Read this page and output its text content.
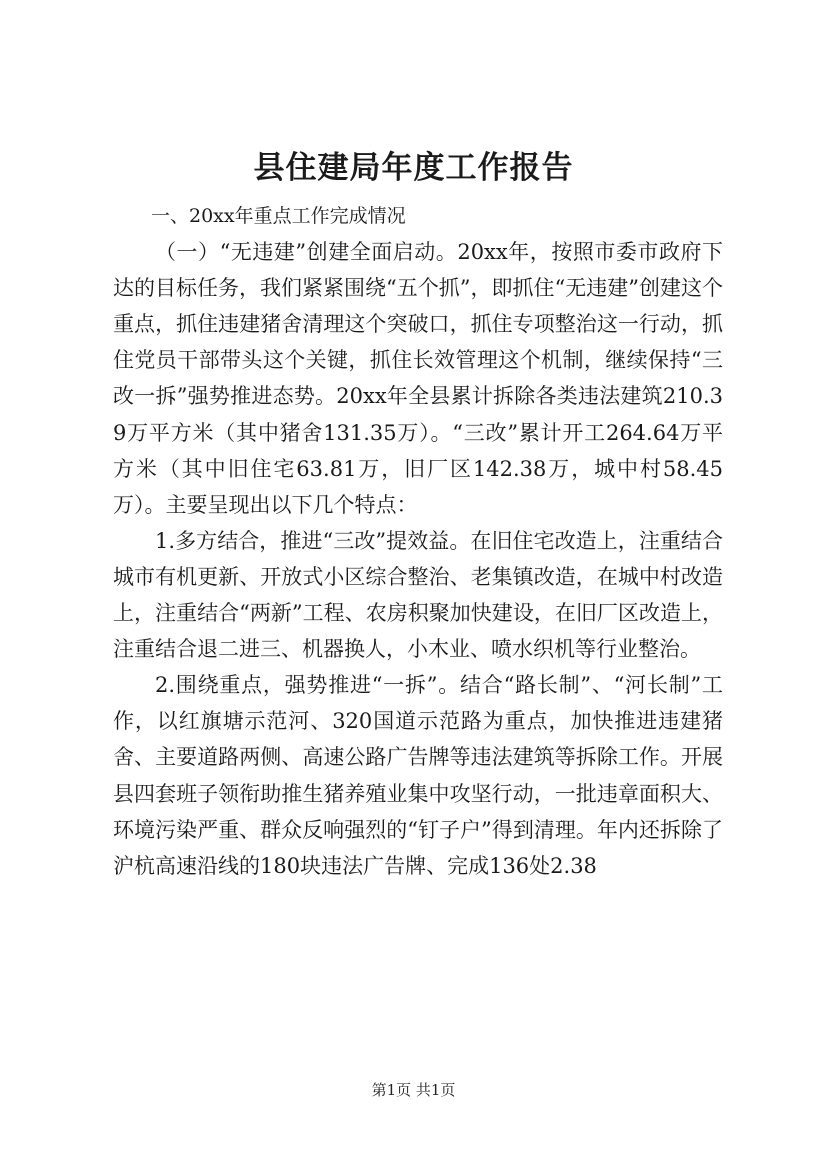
县住建局年度工作报告

一、20xx年重点工作完成情况

（一）“无违建”创建全面启动。20xx年，按照市委市政府下达的目标任务，我们紧紧围绕“五个抓”，即抓住“无违建”创建这个重点，抓住违建猪舍清理这个突破口，抓住专项整治这一行动，抓住党员干部带头这个关键，抓住长效管理这个机制，继续保持“三改一拆”强势推进态势。20xx年全县累计拆除各类违法建筑210.39万平方米（其中猪舍131.35万）。“三改”累计开工264.64万平方米（其中旧住宅63.81万，旧厂区142.38万，城中村58.45万）。主要呈现出以下几个特点：

1.多方结合，推进“三改”提效益。在旧住宅改造上，注重结合城市有机更新、开放式小区综合整治、老集镇改造，在城中村改造上，注重结合“两新”工程、农房积聚加快建设，在旧厂区改造上，注重结合退二进三、机器换人，小木业、喷水织机等行业整治。

2.围绕重点，强势推进“一拆”。结合“路长制”、“河长制”工作，以红旗塘示范河、320国道示范路为重点，加快推进违建猪舍、主要道路两侧、高速公路广告牌等违法建筑等拆除工作。开展县四套班子领衔助推生猪养殖业集中攻坚行动，一批违章面积大、环境污染严重、群众反响强烈的“钉子户”得到清理。年内还拆除了沪杭高速沿线的180块违法广告牌、完成136处2.38

第1页 共1页
